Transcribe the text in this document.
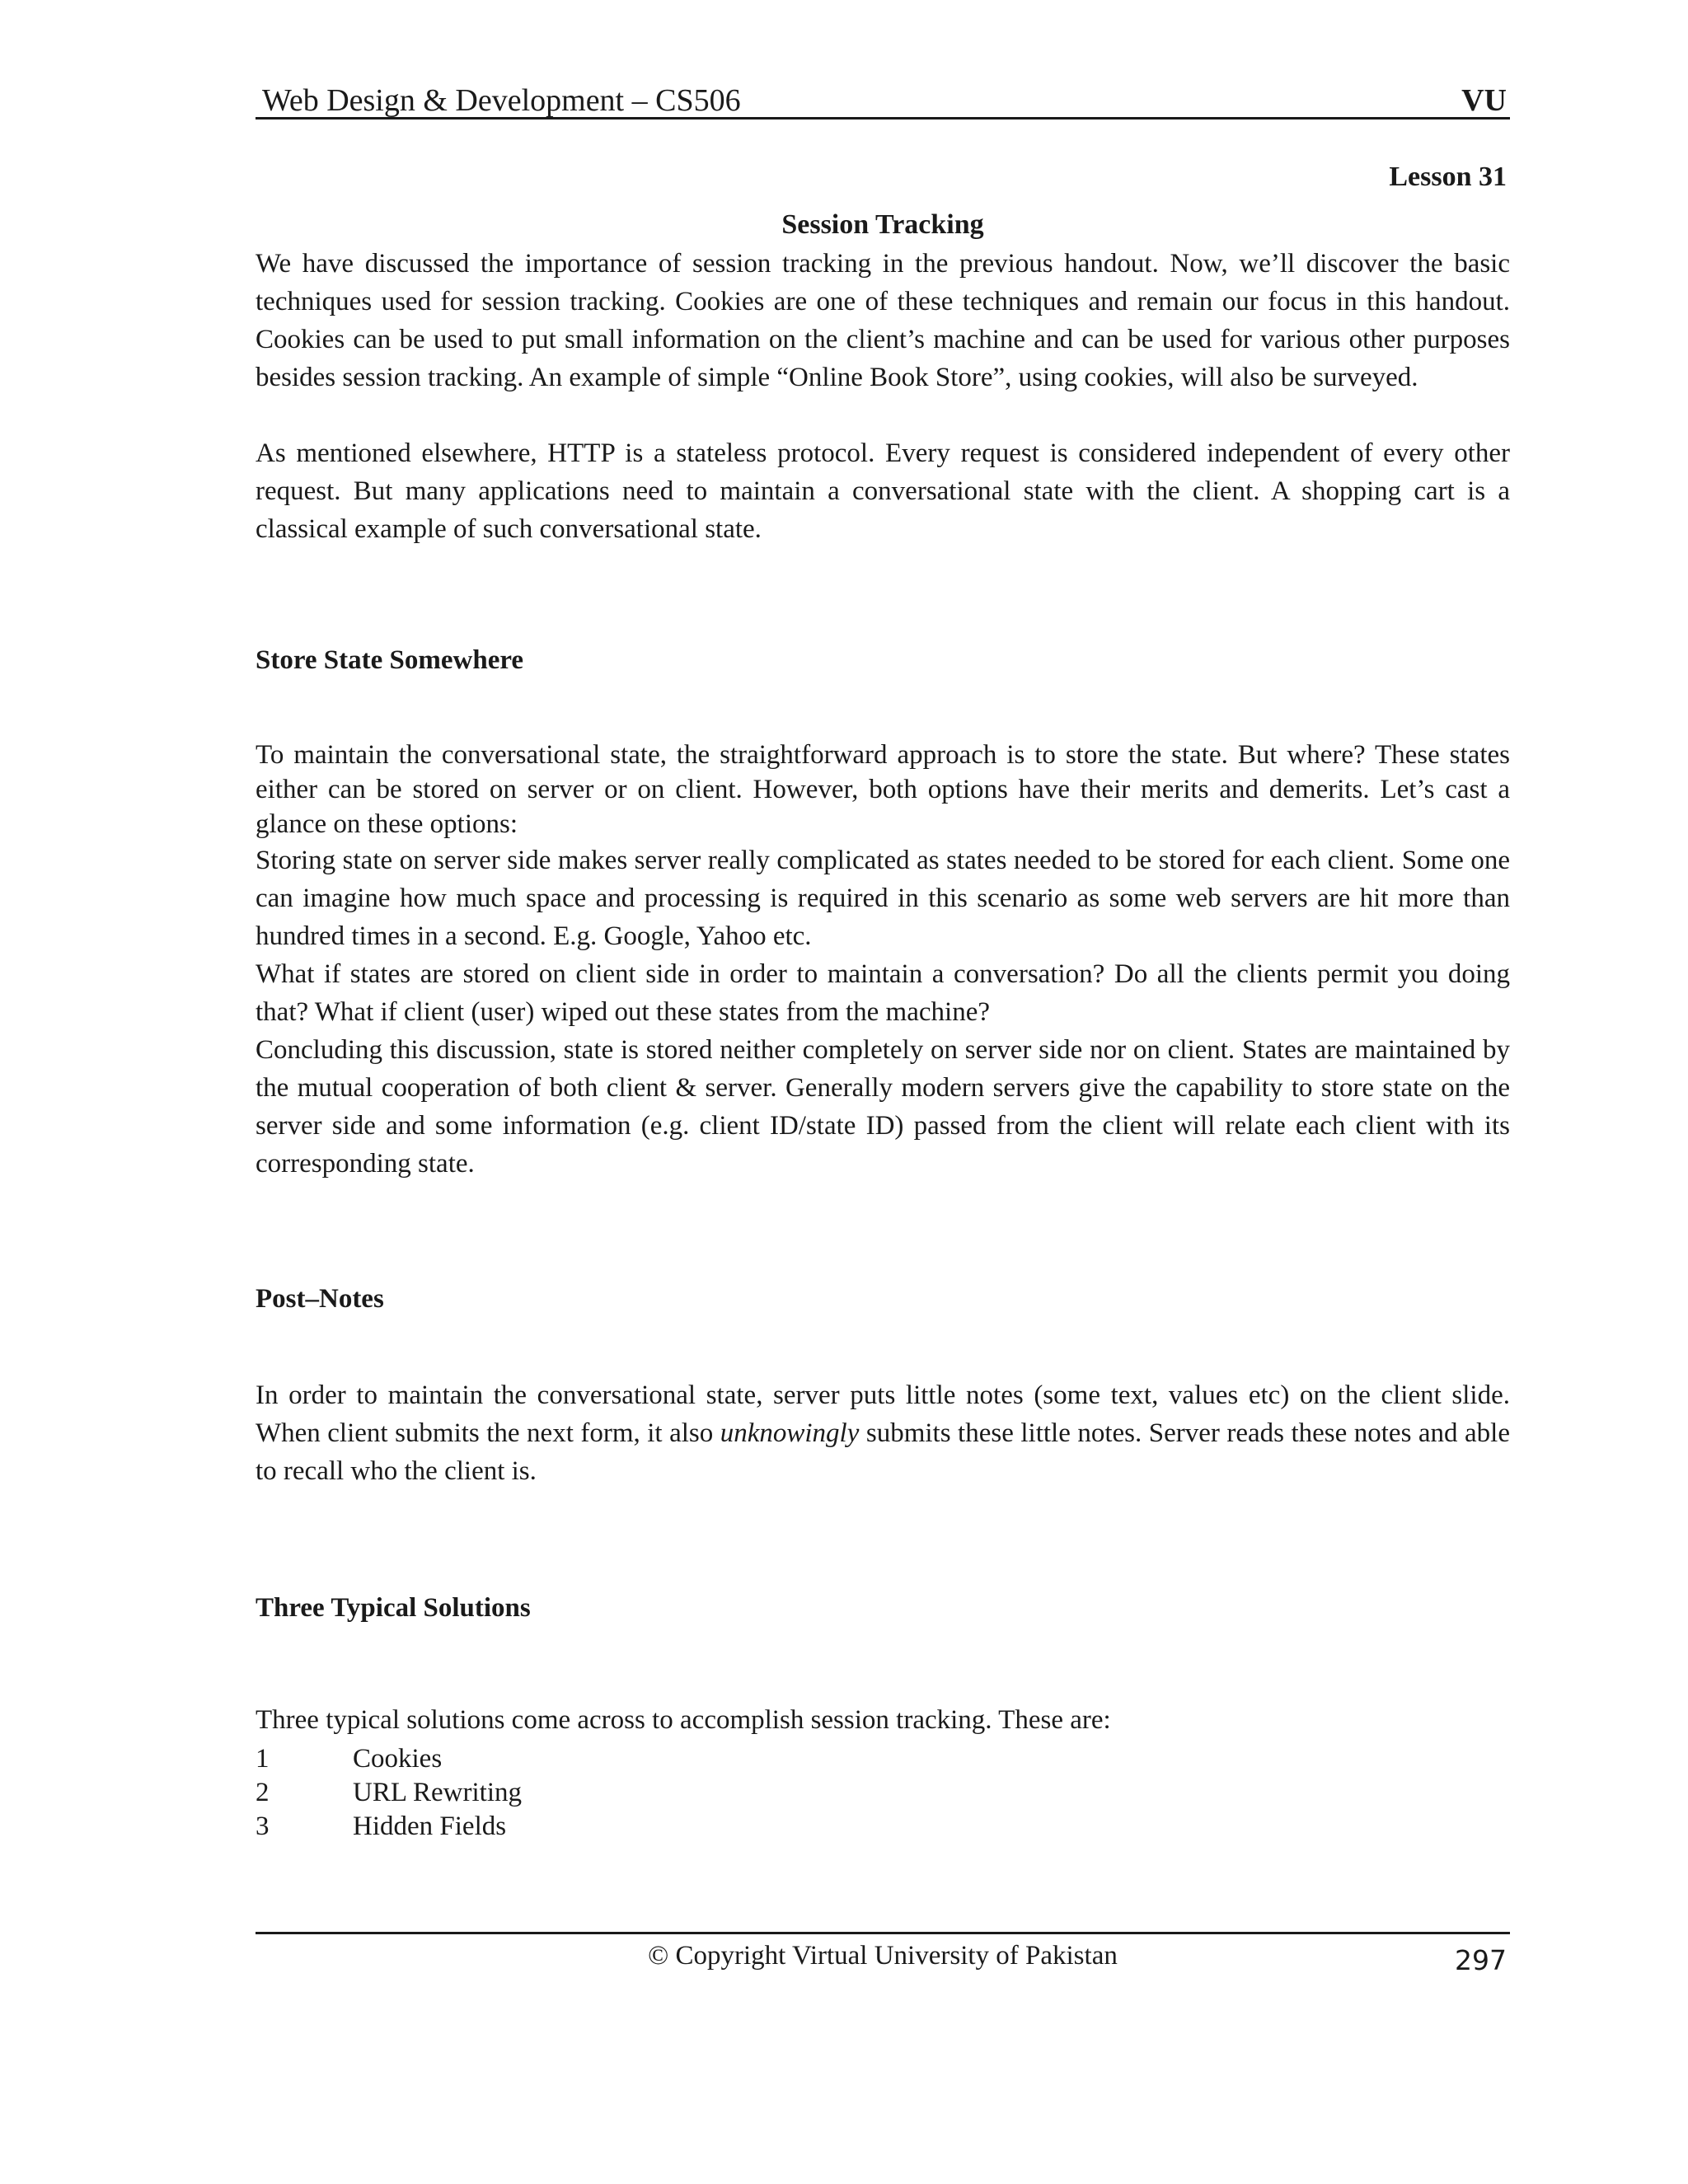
Web Design & Development – CS506	VU
Lesson 31
Session Tracking

We have discussed the importance of session tracking in the previous handout. Now, we’ll discover the basic techniques used for session tracking. Cookies are one of these techniques and remain our focus in this handout. Cookies can be used to put small information on the client’s machine and can be used for various other purposes besides session tracking. An example of simple “Online Book Store”, using cookies, will also be surveyed.

As mentioned elsewhere, HTTP is a stateless protocol. Every request is considered independent of every other request. But many applications need to maintain a conversational state with the client. A shopping cart is a classical example of such conversational state.

Store State Somewhere

To maintain the conversational state, the straightforward approach is to store the state. But where? These states either can be stored on server or on client. However, both options have their merits and demerits. Let’s cast a glance on these options:

Storing state on server side makes server really complicated as states needed to be stored for each client. Some one can imagine how much space and processing is required in this scenario as some web servers are hit more than hundred times in a second. E.g. Google, Yahoo etc.

What if states are stored on client side in order to maintain a conversation? Do all the clients permit you doing that? What if client (user) wiped out these states from the machine?

Concluding this discussion, state is stored neither completely on server side nor on client. States are maintained by the mutual cooperation of both client & server. Generally modern servers give the capability to store state on the server side and some information (e.g. client ID/state ID) passed from the client will relate each client with its corresponding state.

Post–Notes

In order to maintain the conversational state, server puts little notes (some text, values etc) on the client slide. When client submits the next form, it also unknowingly submits these little notes. Server reads these notes and able to recall who the client is.

Three Typical Solutions

Three typical solutions come across to accomplish session tracking. These are:

1	Cookies
2	URL Rewriting
3	Hidden Fields
© Copyright Virtual University of Pakistan	297
